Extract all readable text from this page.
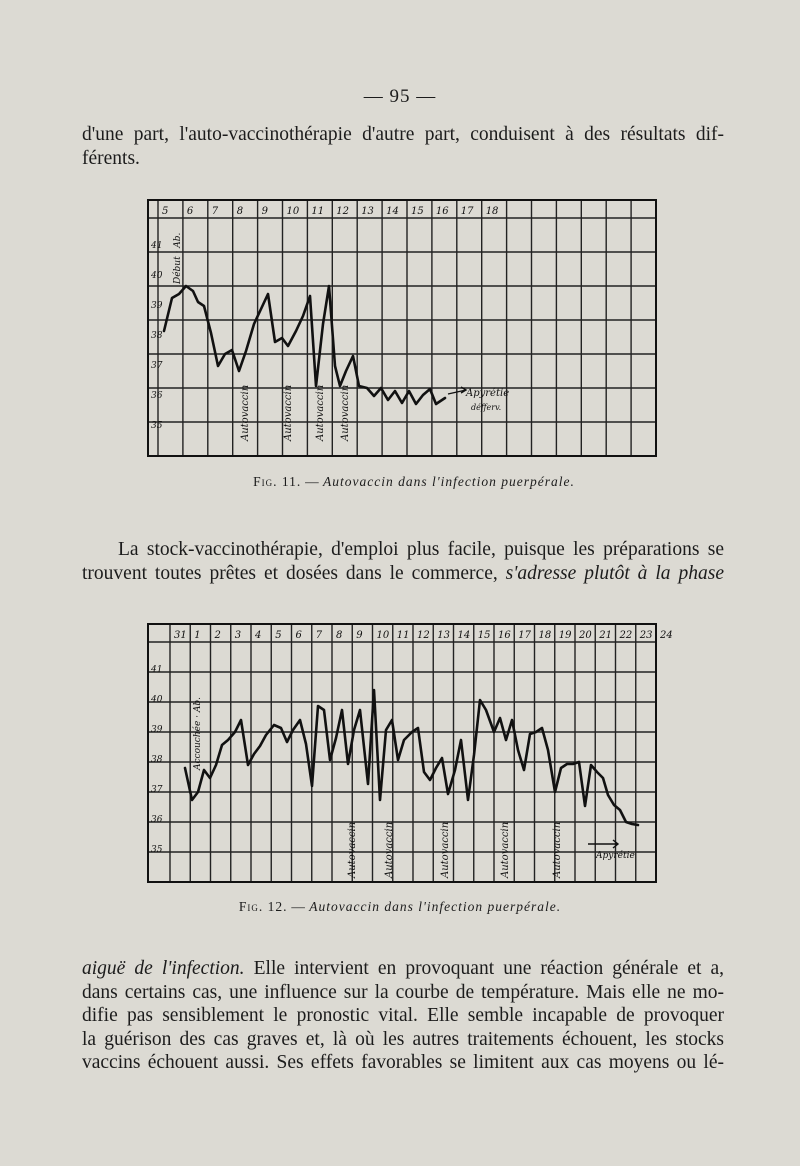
— 95 —
d'une part, l'auto-vaccinothérapie d'autre part, conduisent à des résultats dif-
férents.
5 6 7 8 9 10 11 12 13 14 15 16 17 18
Début · Ab.
Autovaccin	Autovaccin Autovaccin Autovaccin	Apyrétie
défferv.
41
40
39
38
37
36
35
Fig. 11. — Autovaccin dans l'infection puerpérale.
La stock-vaccinothérapie, d'emploi plus facile, puisque les préparations se
trouvent toutes prêtes et dosées dans le commerce, s'adresse plutôt à la phase
31 1 2 3 4 5 6 7 8 9 10 11 12 13 14 15 16 17 18 19 20 21 22 23 24
Accouchée · Ab.
Autovaccin	Autovaccin	Autovaccin	Autovaccin	Autovaccin	Apyrétie
41
40
39
38
37
36
35
Fig. 12. — Autovaccin dans l'infection puerpérale.
aiguë de l'infection. Elle intervient en provoquant une réaction générale et a,
dans certains cas, une influence sur la courbe de température. Mais elle ne mo-
difie pas sensiblement le pronostic vital. Elle semble incapable de provoquer
la guérison des cas graves et, là où les autres traitements échouent, les stocks
vaccins échouent aussi. Ses effets favorables se limitent aux cas moyens ou lé-
